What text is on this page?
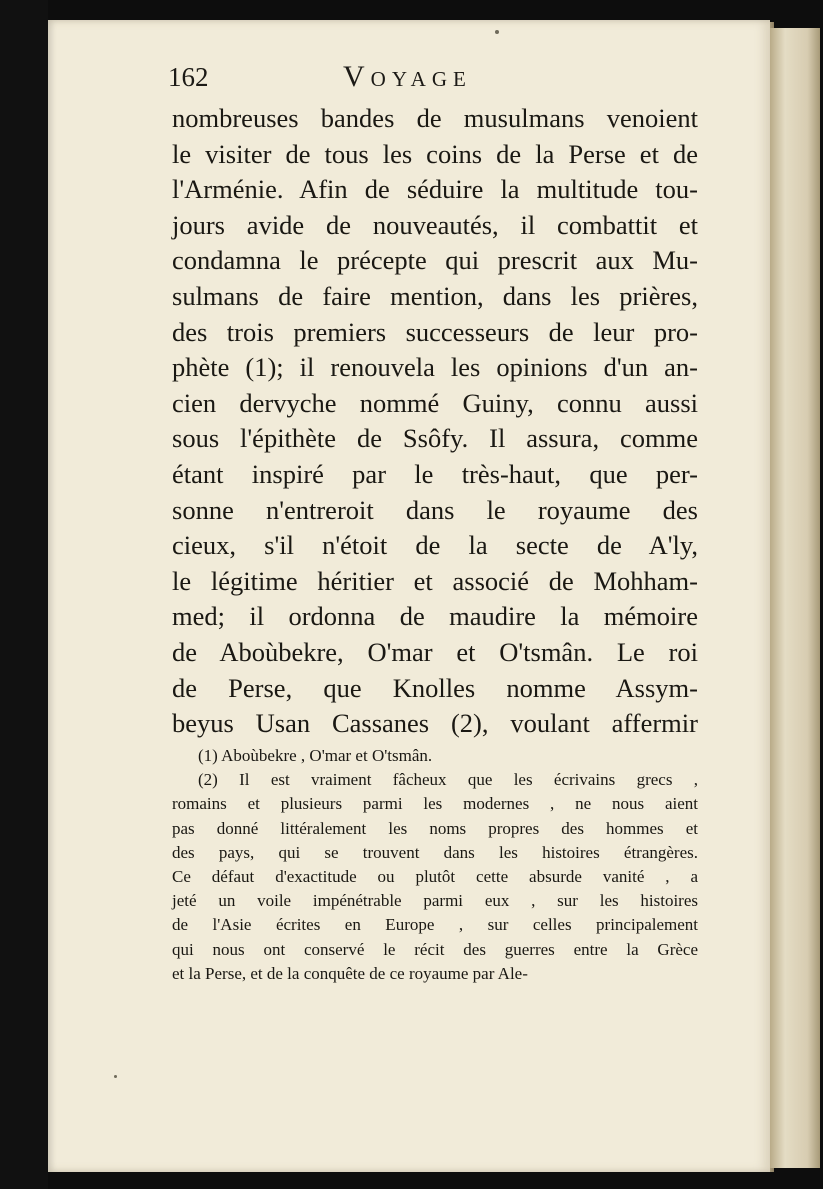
162	Voyage
nombreuses bandes de musulmans venoient
le visiter de tous les coins de la Perse et de
l'Arménie. Afin de séduire la multitude tou-
jours avide de nouveautés, il combattit et
condamna le précepte qui prescrit aux Mu-
sulmans de faire mention, dans les prières,
des trois premiers successeurs de leur pro-
phète (1); il renouvela les opinions d'un an-
cien dervyche nommé Guiny, connu aussi
sous l'épithète de Ssôfy. Il assura, comme
étant inspiré par le très-haut, que per-
sonne n'entreroit dans le royaume des
cieux, s'il n'étoit de la secte de A'ly,
le légitime héritier et associé de Mohham-
med; il ordonna de maudire la mémoire
de Aboùbekre, O'mar et O'tsmân. Le roi
de Perse, que Knolles nomme Assym-
beyus Usan Cassanes (2), voulant affermir
(1) Aboùbekre , O'mar et O'tsmân.
(2) Il est vraiment fâcheux que les écrivains grecs ,
romains et plusieurs parmi les modernes , ne nous aient
pas donné littéralement les noms propres des hommes et
des pays, qui se trouvent dans les histoires étrangères.
Ce défaut d'exactitude ou plutôt cette absurde vanité , a
jeté un voile impénétrable parmi eux , sur les histoires
de l'Asie écrites en Europe , sur celles principalement
qui nous ont conservé le récit des guerres entre la Grèce
et la Perse, et de la conquête de ce royaume par Ale-
